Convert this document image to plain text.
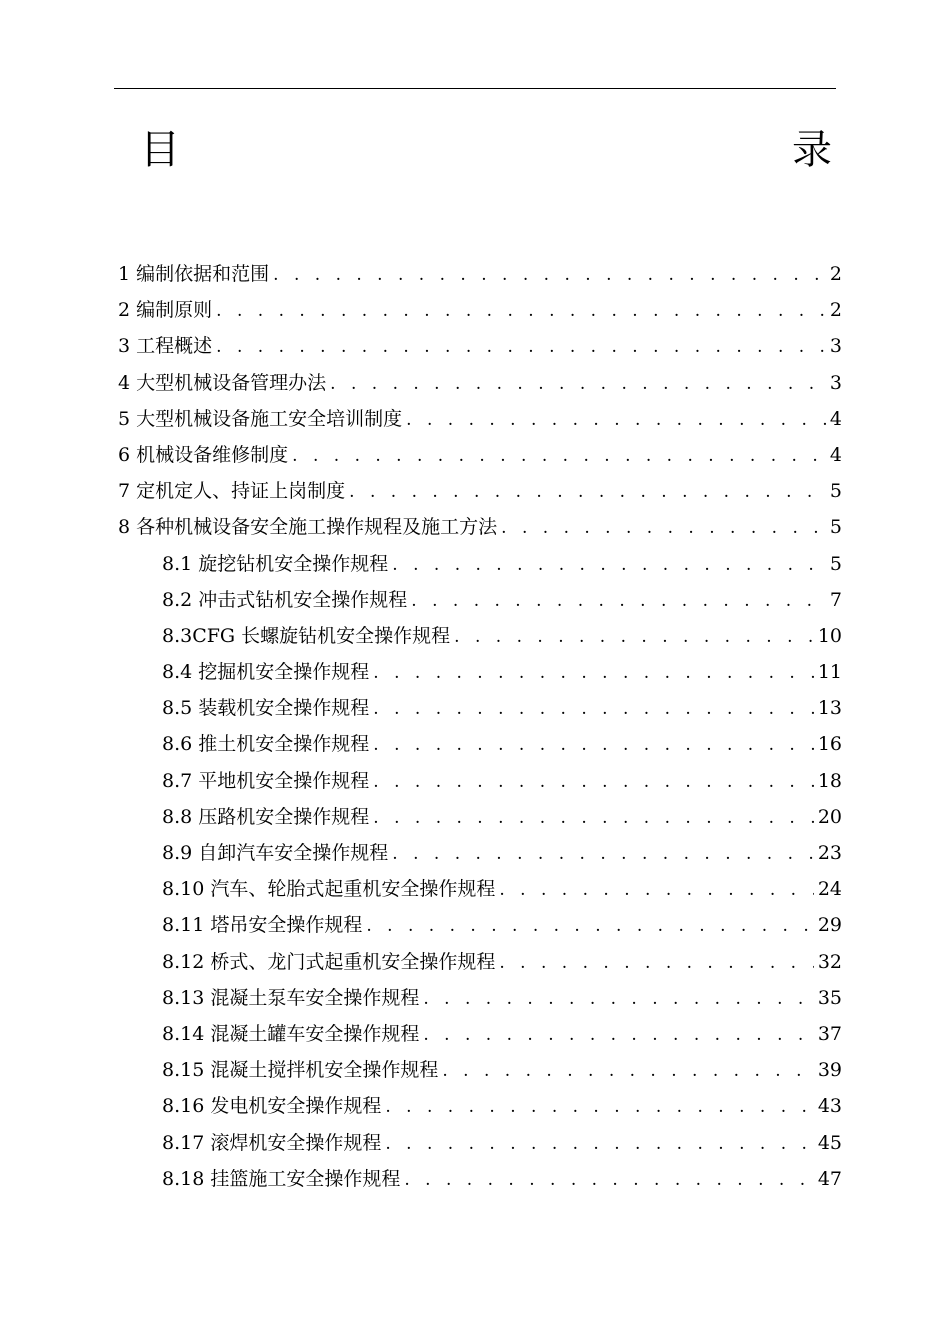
目	录
1 编制依据和范围 . . .	2
2 编制原则 . . .	2
3 工程概述 . . .	3
4 大型机械设备管理办法 . . .	3
5 大型机械设备施工安全培训制度 . . .	4
6 机械设备维修制度 . . .	4
7 定机定人、持证上岗制度 . . .	5
8 各种机械设备安全施工操作规程及施工方法 . . .	5
8.1 旋挖钻机安全操作规程 . . .	5
8.2 冲击式钻机安全操作规程 . . .	7
8.3CFG 长螺旋钻机安全操作规程 . . .	10
8.4 挖掘机安全操作规程 . . .	11
8.5 装载机安全操作规程 . . .	13
8.6 推土机安全操作规程 . . .	16
8.7 平地机安全操作规程 . . .	18
8.8 压路机安全操作规程 . . .	20
8.9 自卸汽车安全操作规程 . . .	23
8.10 汽车、轮胎式起重机安全操作规程 . . .	24
8.11 塔吊安全操作规程 . . .	29
8.12 桥式、龙门式起重机安全操作规程 . . .	32
8.13 混凝土泵车安全操作规程 . . .	35
8.14 混凝土罐车安全操作规程 . . .	37
8.15 混凝土搅拌机安全操作规程 . . .	39
8.16 发电机安全操作规程 . . .	43
8.17 滚焊机安全操作规程 . . .	45
8.18 挂篮施工安全操作规程 . . .	47
